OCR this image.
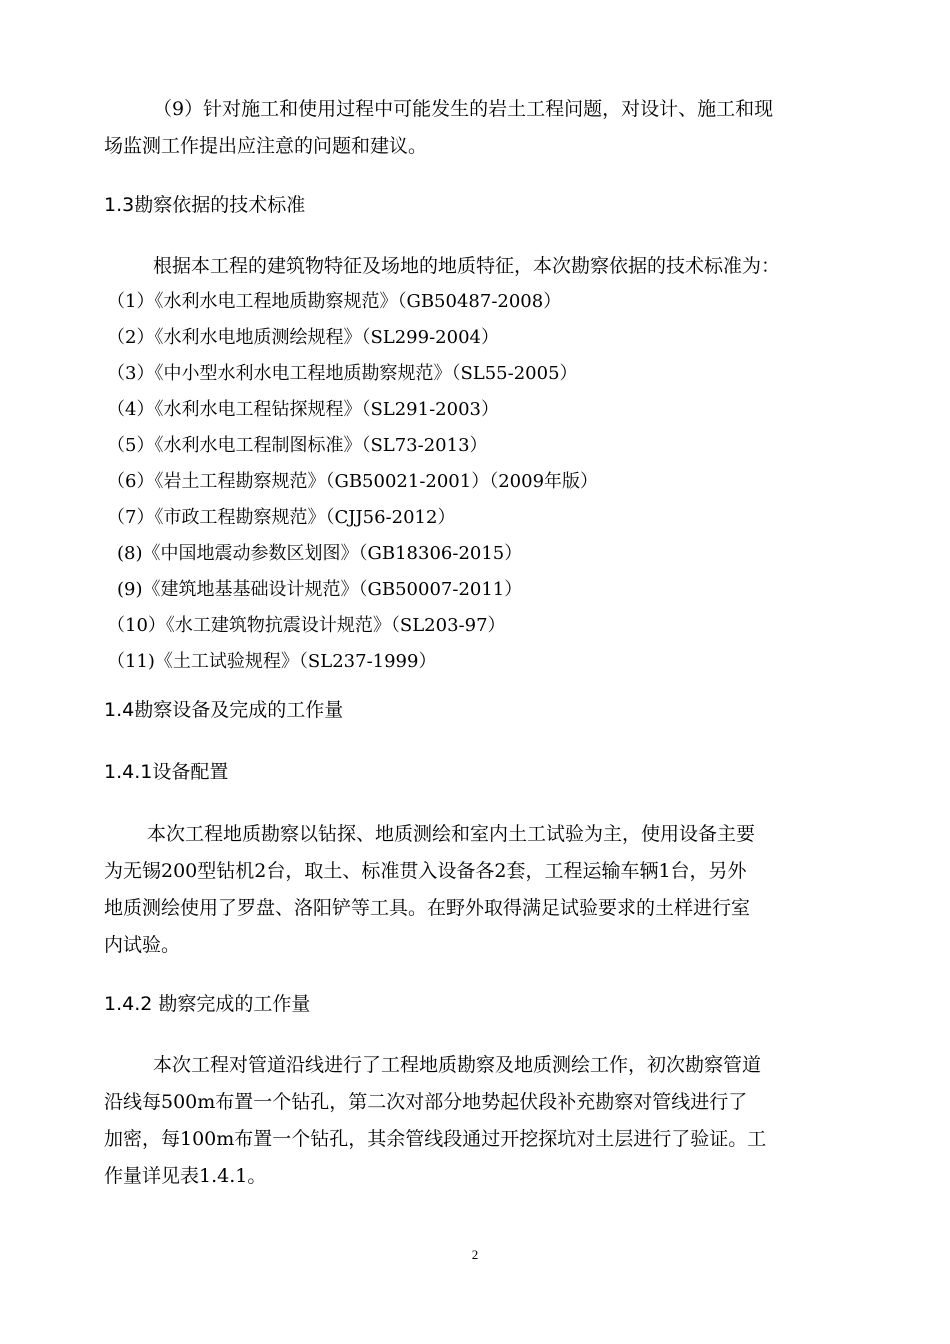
（9）针对施工和使用过程中可能发生的岩土工程问题，对设计、施工和现
场监测工作提出应注意的问题和建议。
1.3勘察依据的技术标准
根据本工程的建筑物特征及场地的地质特征，本次勘察依据的技术标准为：
（1）《水利水电工程地质勘察规范》（GB50487-2008）
（2）《水利水电地质测绘规程》（SL299-2004）
（3）《中小型水利水电工程地质勘察规范》（SL55-2005）
（4）《水利水电工程钻探规程》（SL291-2003）
（5）《水利水电工程制图标准》（SL73-2013）
（6）《岩土工程勘察规范》（GB50021-2001）（2009年版）
（7）《市政工程勘察规范》（CJJ56-2012）
(8)《中国地震动参数区划图》（GB18306-2015）
(9)《建筑地基基础设计规范》（GB50007-2011）
（10）《水工建筑物抗震设计规范》（SL203-97）
（11)《土工试验规程》（SL237-1999）
1.4勘察设备及完成的工作量
1.4.1设备配置
本次工程地质勘察以钻探、地质测绘和室内土工试验为主，使用设备主要
为无锡200型钻机2台，取土、标准贯入设备各2套，工程运输车辆1台，另外
地质测绘使用了罗盘、洛阳铲等工具。在野外取得满足试验要求的土样进行室
内试验。
1.4.2 勘察完成的工作量
本次工程对管道沿线进行了工程地质勘察及地质测绘工作，初次勘察管道
沿线每500m布置一个钻孔，第二次对部分地势起伏段补充勘察对管线进行了
加密，每100m布置一个钻孔，其余管线段通过开挖探坑对土层进行了验证。工
作量详见表1.4.1。
2
